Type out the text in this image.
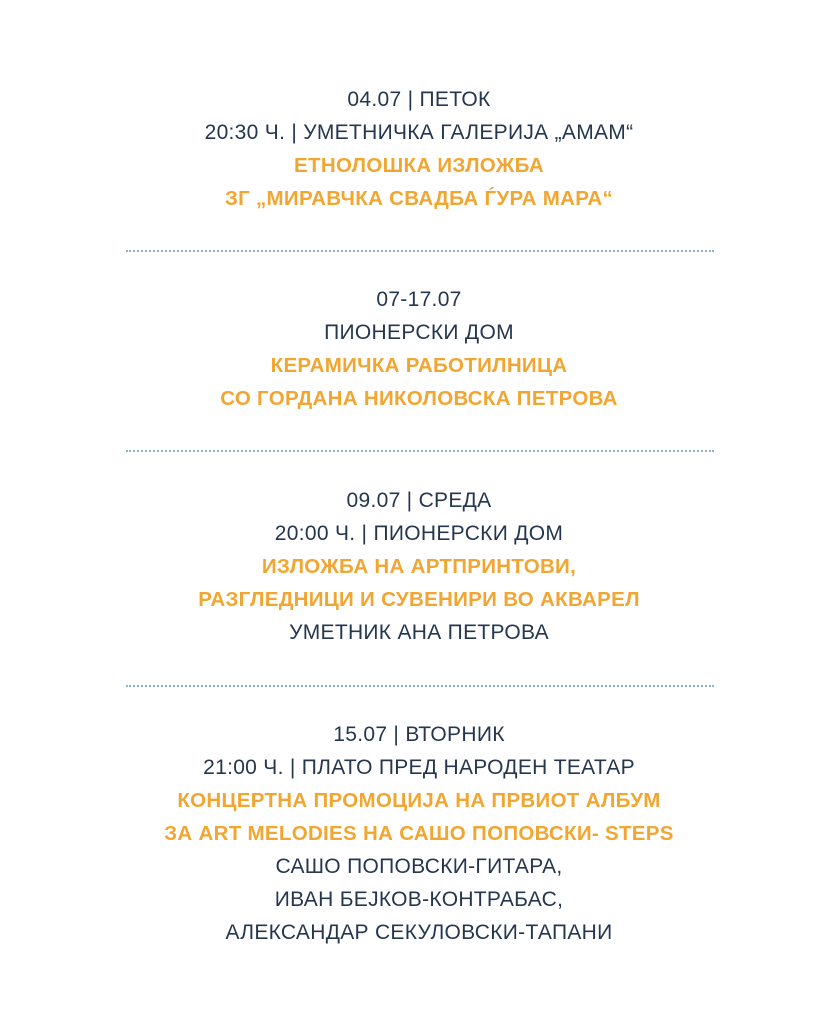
04.07 | ПЕТОК
20:30 Ч. | УМЕТНИЧКА ГАЛЕРИЈА „АМАМ“
ЕТНОЛОШКА ИЗЛОЖБА
ЗГ „МИРАВЧКА СВАДБА ЃУРА МАРА“
07-17.07
ПИОНЕРСКИ ДОМ
КЕРАМИЧКА РАБОТИЛНИЦА
СО ГОРДАНА НИКОЛОВСКА ПЕТРОВА
09.07 | СРЕДА
20:00 Ч. | ПИОНЕРСКИ ДОМ
ИЗЛОЖБА НА АРТПРИНТОВИ,
РАЗГЛЕДНИЦИ И СУВЕНИРИ ВО АКВАРЕЛ
УМЕТНИК АНА ПЕТРОВА
15.07 | ВТОРНИК
21:00 Ч. | ПЛАТО ПРЕД НАРОДЕН ТЕАТАР
КОНЦЕРТНА ПРОМОЦИЈА НА ПРВИОТ АЛБУМ
ЗА ART MELODIES НА САШО ПОПОВСКИ- STEPS
САШО ПОПОВСКИ-ГИТАРА,
ИВАН БЕЈКОВ-КОНТРАБАС,
АЛЕКСАНДАР СЕКУЛОВСКИ-ТАПАНИ
